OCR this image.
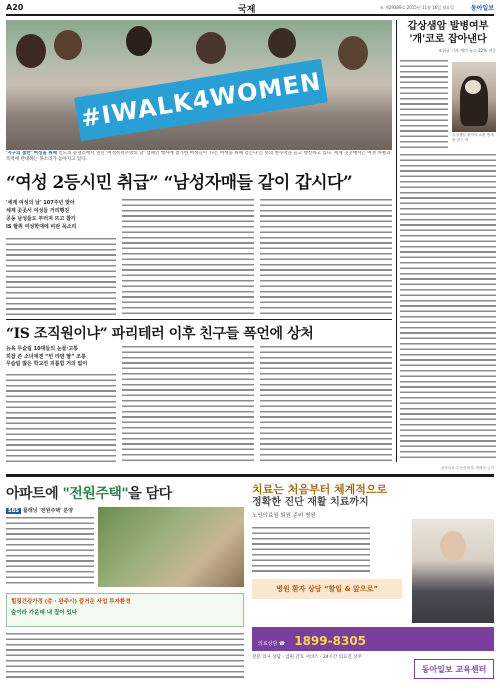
A20	국제	조 제29389호 2015년 11월 16일 월요일	동아일보
#IWALK4WOMEN
'지구의 절반' 여성을 위해 인도의 뉴델리에서 열린 '여성폭력추방의 날' 캠페인 행사에 참가한 여성들이 '나는 여성을 위해 걷는다'는 뜻의 현수막을 들고 행진하고 있다. 세계 곳곳에서는 여성 차별과 폭력에 반대하는 목소리가 높아지고 있다.
갑상샘암 발병여부 '개'코로 잡아낸다
조현규 기자·개미 뉴스·22% 적중
갑상샘암 환자의 소변 냄새를 맡는 개
“여성 2등시민 취급” “남성자매들 같이 갑시다”
'세계 여성의 날' 107주년 맞아
세계 곳곳서 여성들 거리행진
공동 남성들도 부러져 뜨고 참가
IS 탈취 여성학대에 비판 목소리
“IS 조직원이냐” 파리테러 이후 친구들 폭언에 상처
뉴욕 무슬림 10대들의 눈물·고통
히잡 쓴 소녀에겐 “빈 라덴 딸” 조롱
무슬림 많은 학교선 괴롭힘 거의 없어
동아일보 무단전재 및 재배포 금지
아파트에 "전원주택"을 담다
SBS 플래닝 '전원주택' 분양
힐링건강가정 (층 · 완주시) 즐거운 사업 투자환경
숲이라 가운데 내 집이 있다
치료는 처음부터 체계적으로
정확한 진단 재활 치료까지
노인의료원 퇴원 준비 병원
병원 환자 상담 “할일 & 앞으로”
의료상담 ☎ 1899-8305
전문 의사 상담 · 입원 간호 서비스 · 24시간 의료진 상주
동아일보 교육센터
